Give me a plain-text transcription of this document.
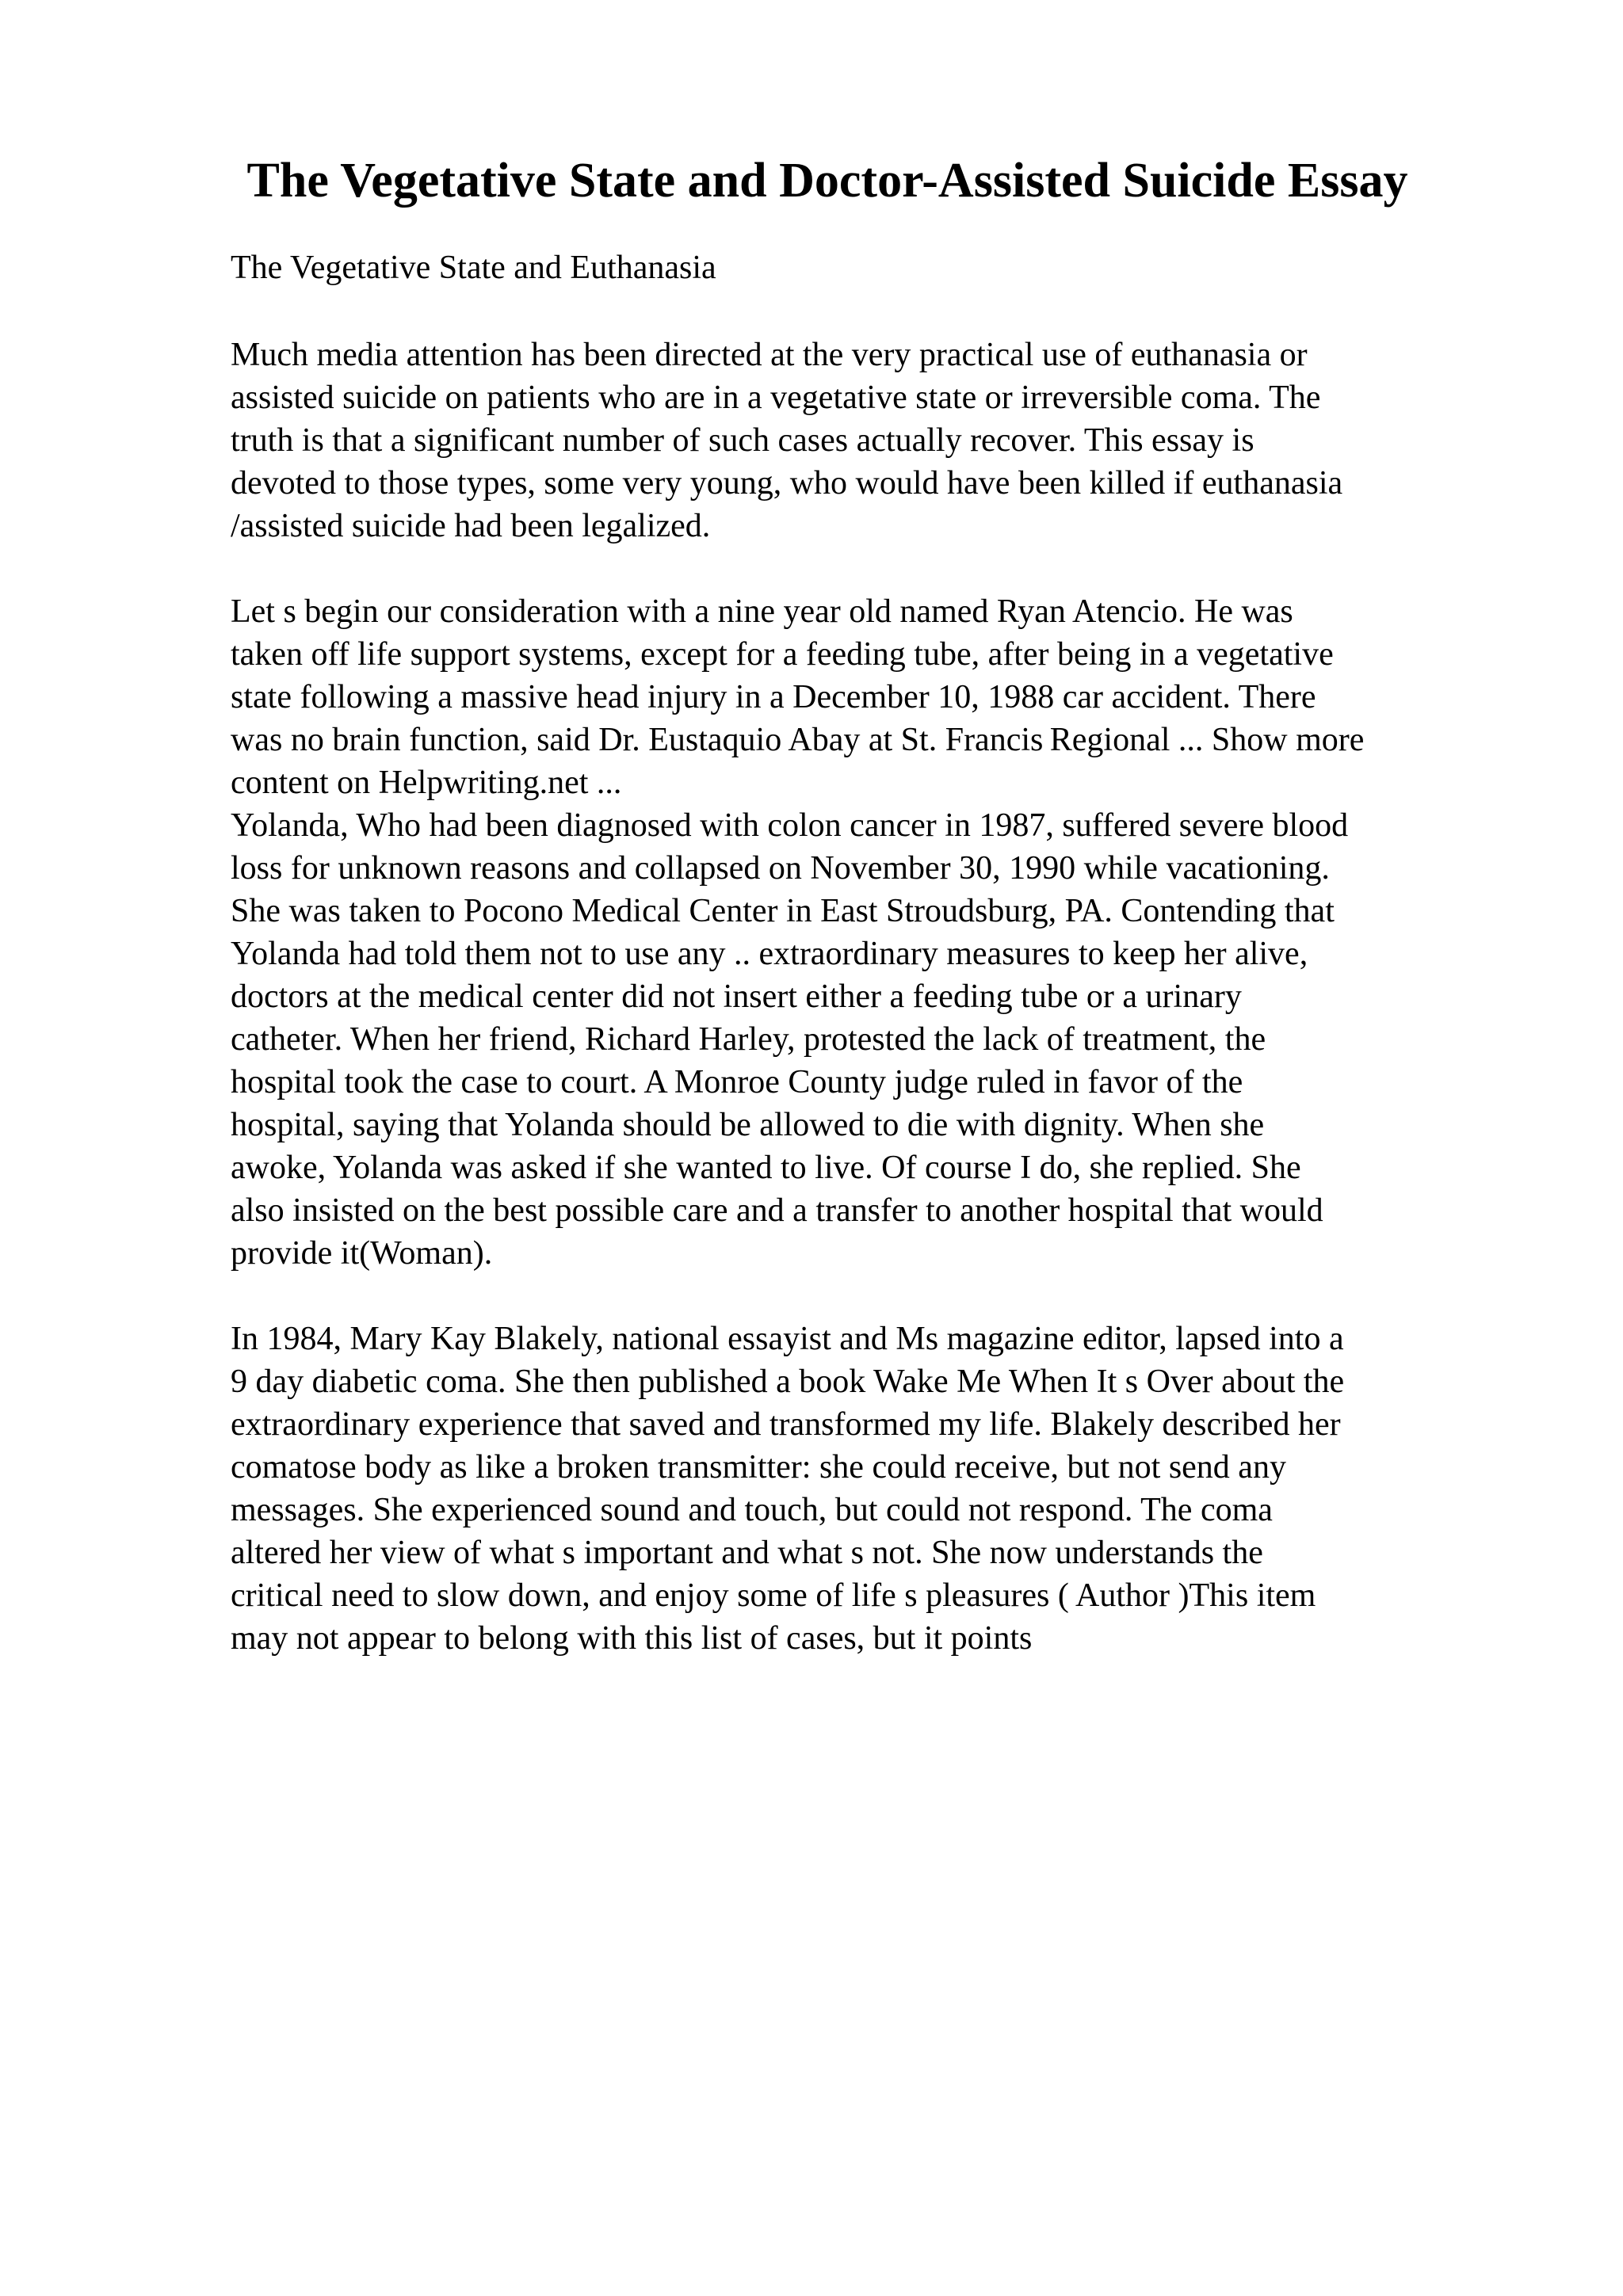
The Vegetative State and Doctor-Assisted Suicide Essay

The Vegetative State and Euthanasia

Much media attention has been directed at the very practical use of euthanasia or
assisted suicide on patients who are in a vegetative state or irreversible coma. The
truth is that a significant number of such cases actually recover. This essay is
devoted to those types, some very young, who would have been killed if euthanasia
/assisted suicide had been legalized.

Let s begin our consideration with a nine year old named Ryan Atencio. He was
taken off life support systems, except for a feeding tube, after being in a vegetative
state following a massive head injury in a December 10, 1988 car accident. There
was no brain function, said Dr. Eustaquio Abay at St. Francis Regional ... Show more
content on Helpwriting.net ...
Yolanda, Who had been diagnosed with colon cancer in 1987, suffered severe blood
loss for unknown reasons and collapsed on November 30, 1990 while vacationing.
She was taken to Pocono Medical Center in East Stroudsburg, PA. Contending that
Yolanda had told them not to use any .. extraordinary measures to keep her alive,
doctors at the medical center did not insert either a feeding tube or a urinary
catheter. When her friend, Richard Harley, protested the lack of treatment, the
hospital took the case to court. A Monroe County judge ruled in favor of the
hospital, saying that Yolanda should be allowed to die with dignity. When she
awoke, Yolanda was asked if she wanted to live. Of course I do, she replied. She
also insisted on the best possible care and a transfer to another hospital that would
provide it(Woman).

In 1984, Mary Kay Blakely, national essayist and Ms magazine editor, lapsed into a
9 day diabetic coma. She then published a book Wake Me When It s Over about the
extraordinary experience that saved and transformed my life. Blakely described her
comatose body as like a broken transmitter: she could receive, but not send any
messages. She experienced sound and touch, but could not respond. The coma
altered her view of what s important and what s not. She now understands the
critical need to slow down, and enjoy some of life s pleasures ( Author )This item
may not appear to belong with this list of cases, but it points
